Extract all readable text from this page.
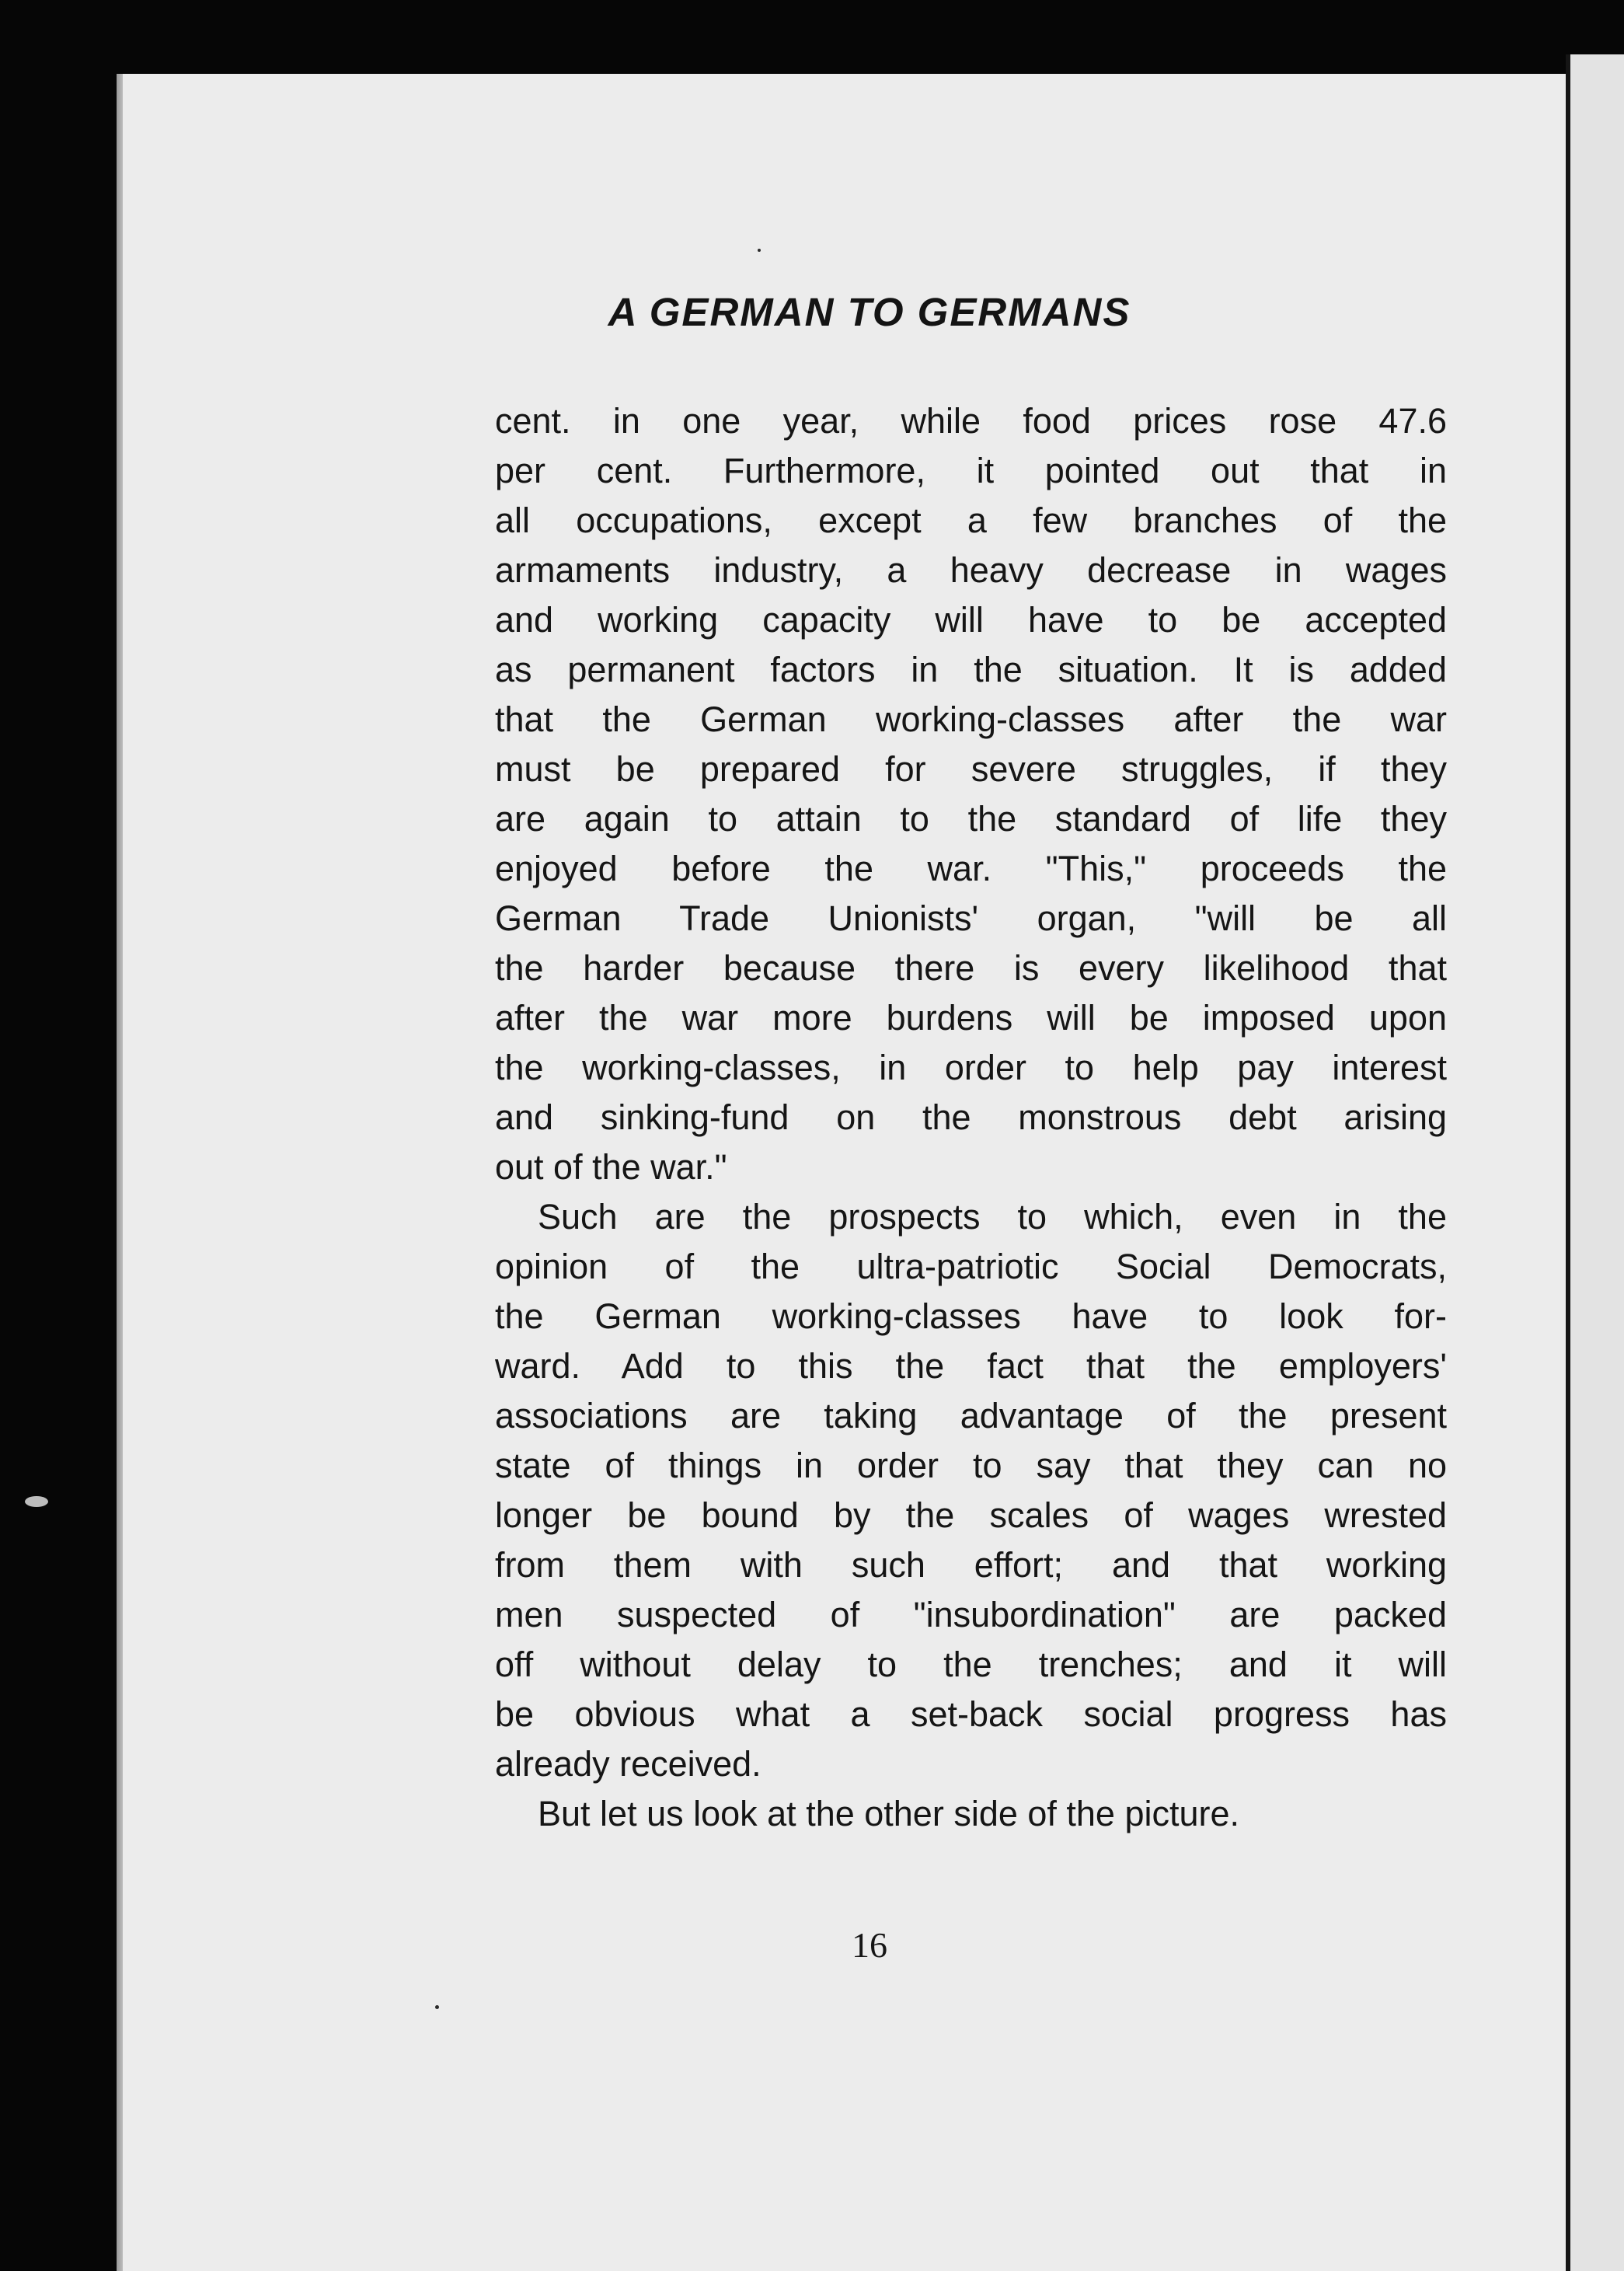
A GERMAN TO GERMANS
cent. in one year, while food prices rose 47.6
per cent. Furthermore, it pointed out that in
all occupations, except a few branches of the
armaments industry, a heavy decrease in wages
and working capacity will have to be accepted
as permanent factors in the situation. It is added
that the German working-classes after the war
must be prepared for severe struggles, if they
are again to attain to the standard of life they
enjoyed before the war. "This," proceeds the
German Trade Unionists' organ, "will be all
the harder because there is every likelihood that
after the war more burdens will be imposed upon
the working-classes, in order to help pay interest
and sinking-fund on the monstrous debt arising
out of the war."
Such are the prospects to which, even in the
opinion of the ultra-patriotic Social Democrats,
the German working-classes have to look for-
ward. Add to this the fact that the employers'
associations are taking advantage of the present
state of things in order to say that they can no
longer be bound by the scales of wages wrested
from them with such effort; and that working
men suspected of "insubordination" are packed
off without delay to the trenches; and it will
be obvious what a set-back social progress has
already received.
But let us look at the other side of the picture.
16
